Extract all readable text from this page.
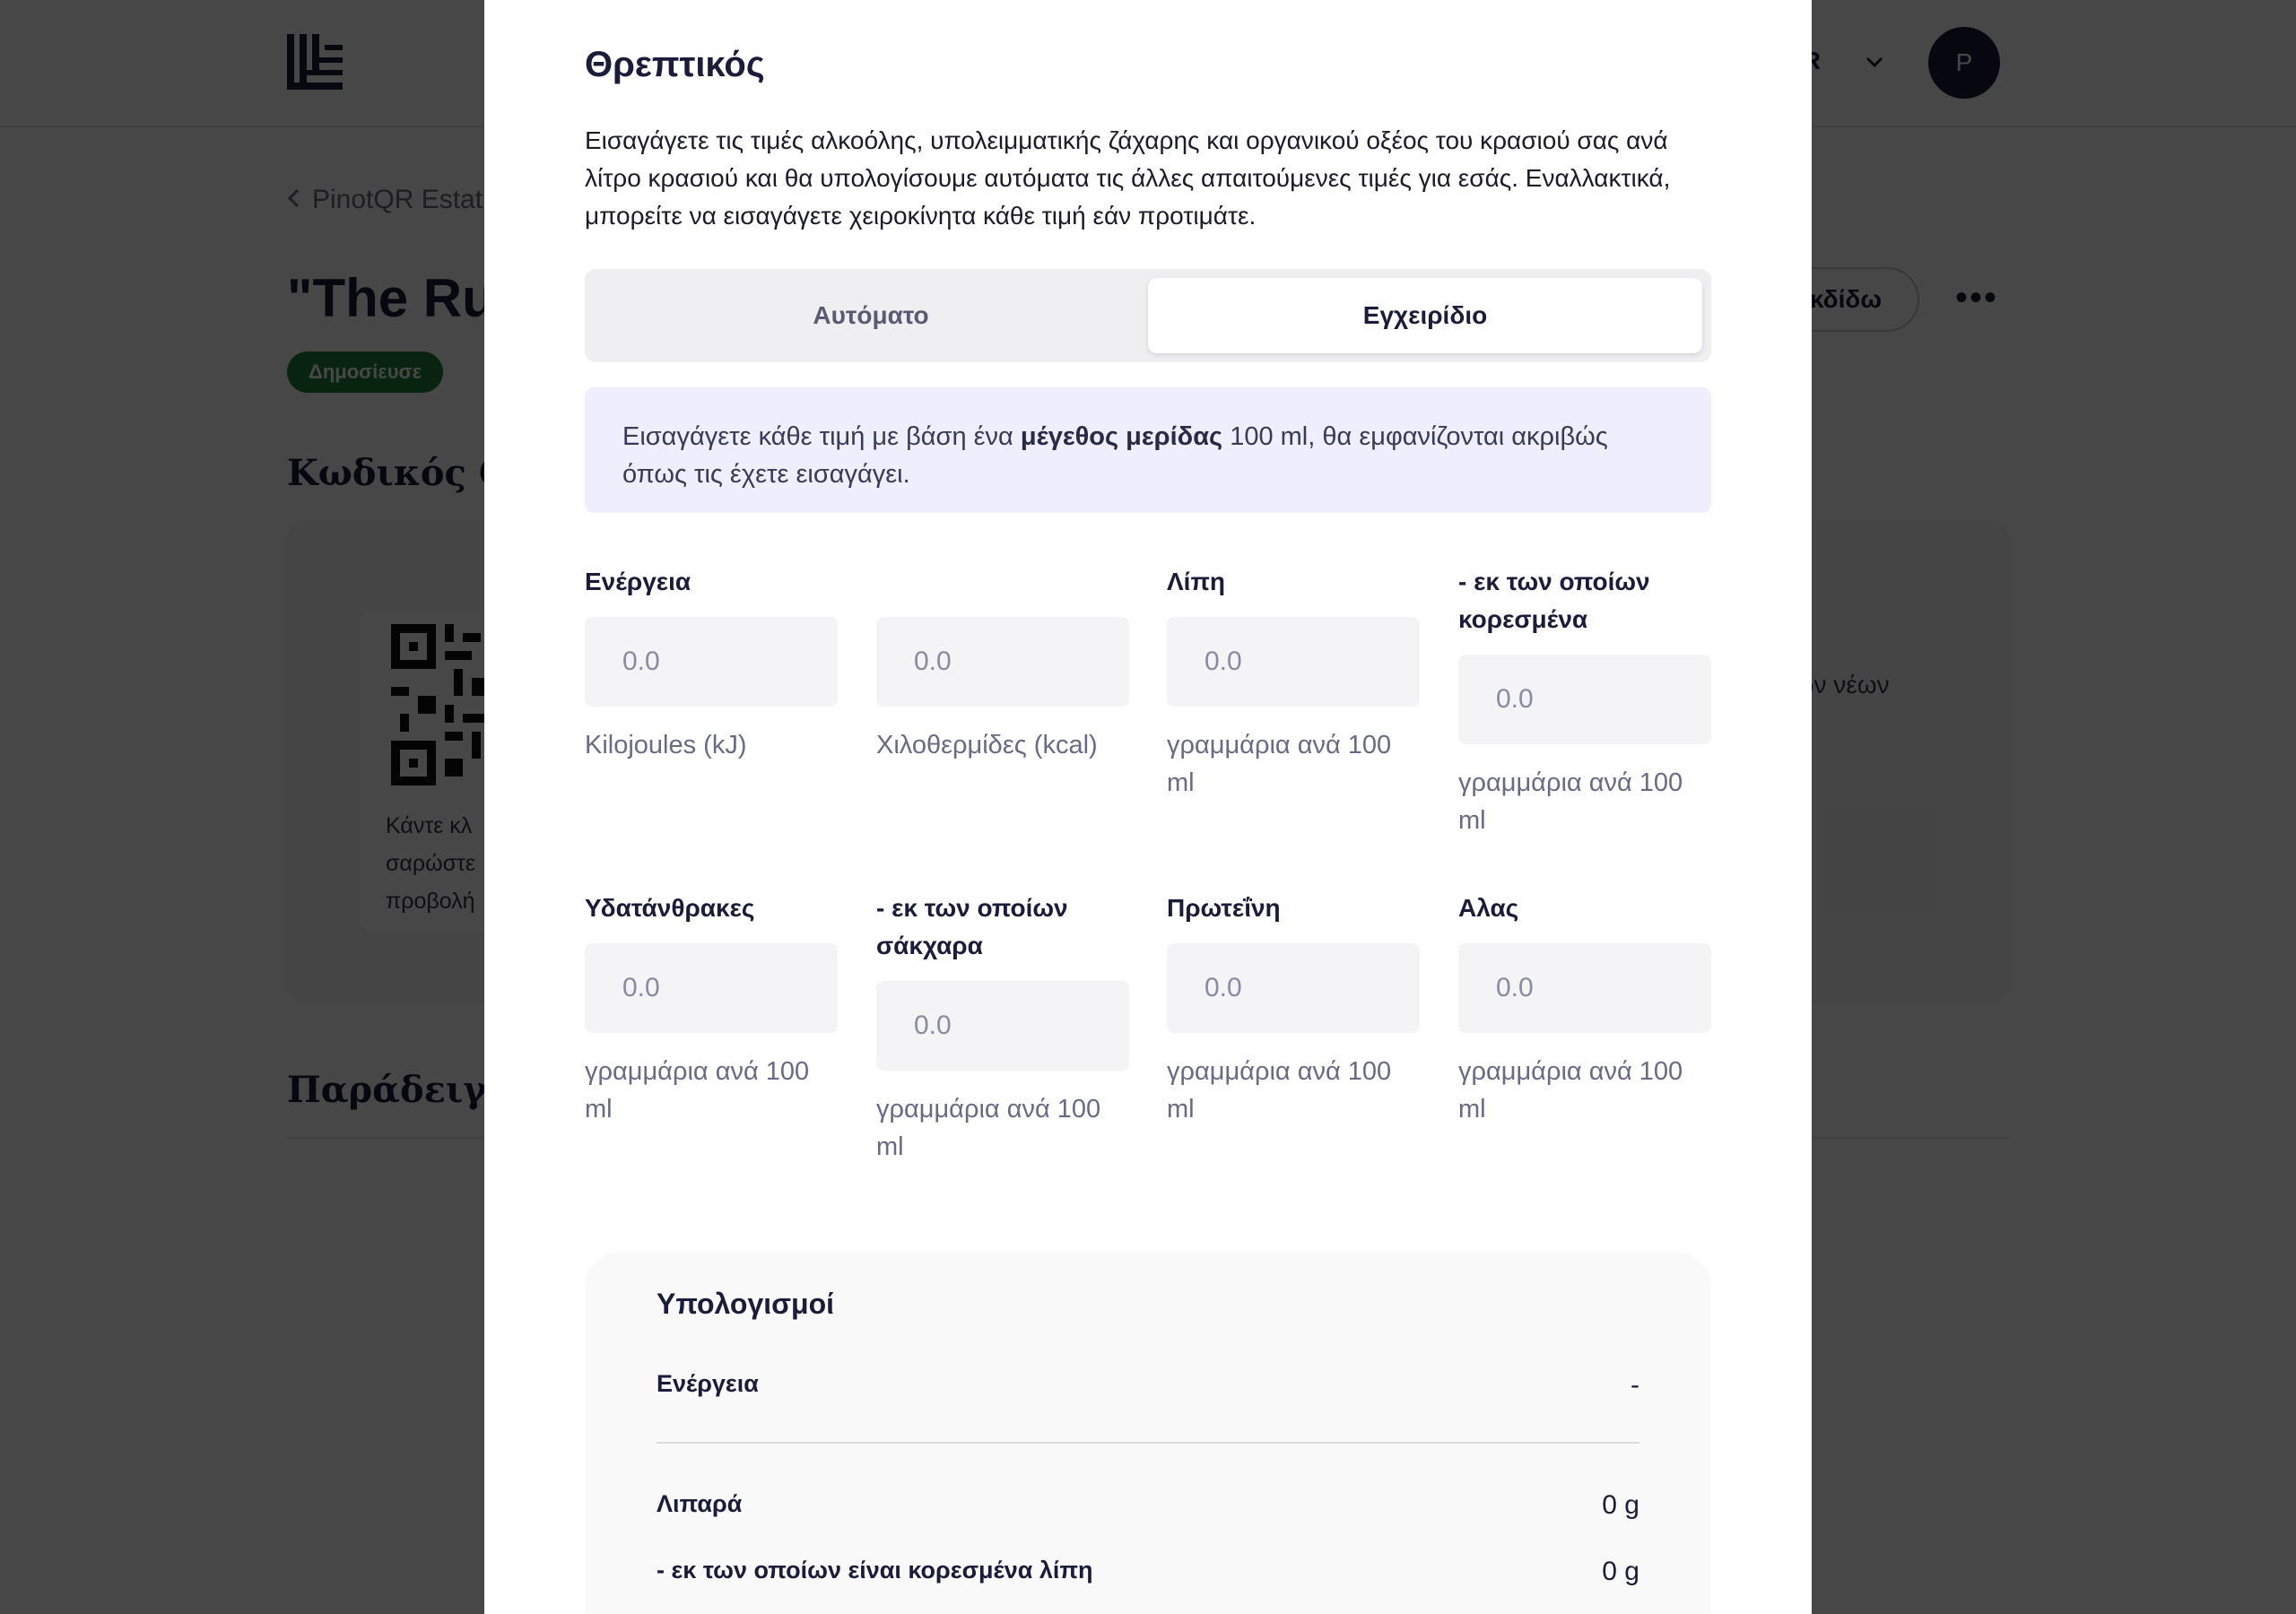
Θρεπτικός

Εισαγάγετε τις τιμές αλκοόλης, υπολειμματικής ζάχαρης και οργανικού οξέος του κρασιού σας ανά λίτρο κρασιού και θα υπολογίσουμε αυτόματα τις άλλες απαιτούμενες τιμές για εσάς. Εναλλακτικά, μπορείτε να εισαγάγετε χειροκίνητα κάθε τιμή εάν προτιμάτε.

Αυτόματο	Εγχειρίδιο
Εισαγάγετε κάθε τιμή με βάση ένα μέγεθος μερίδας 100 ml, θα εμφανίζονται ακριβώς όπως τις έχετε εισαγάγει.
Ενέργεια
0.0
Kilojoules (kJ)
0.0	Χιλοθερμίδες (kcal)
Λίπη
0.0
γραμμάρια ανά 100 ml
- εκ των οποίων κορεσμένα
0.0
γραμμάρια ανά 100 ml
Υδατάνθρακες
0.0
γραμμάρια ανά 100 ml
- εκ των οποίων σάκχαρα
0.0
γραμμάρια ανά 100 ml
Πρωτεΐνη
0.0
γραμμάρια ανά 100 ml
Αλας
0.0
γραμμάρια ανά 100 ml
Υπολογισμοί
Ενέργεια	-
Λιπαρά	0 g
- εκ των οποίων είναι κορεσμένα λίπη	0 g
